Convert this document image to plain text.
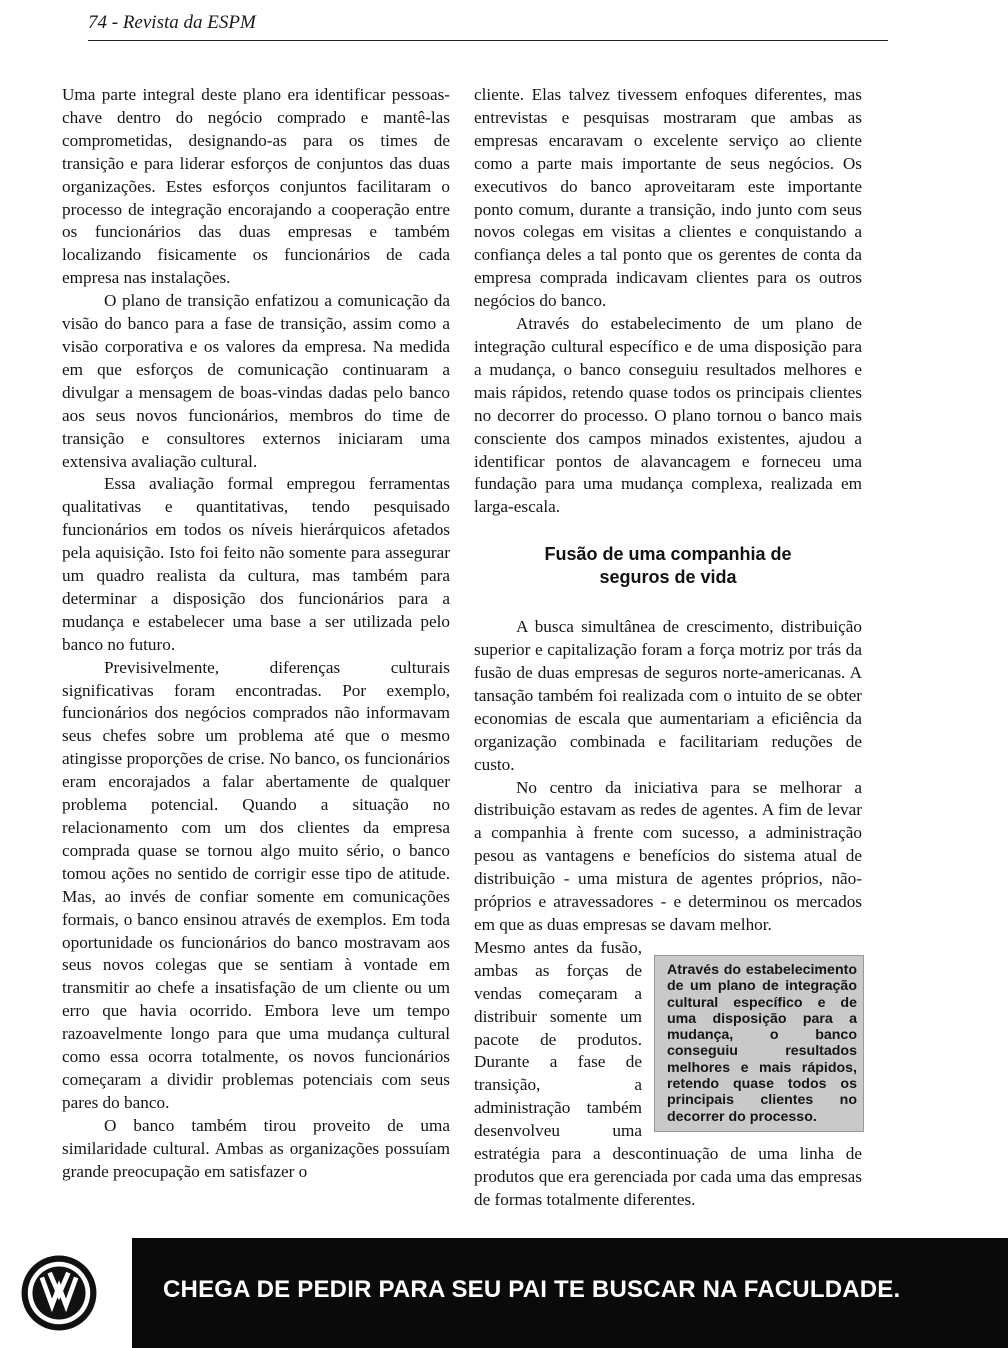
74 - Revista da ESPM

Uma parte integral deste plano era identificar pessoas-chave dentro do negócio comprado e mantê-las comprometidas, designando-as para os times de transição e para liderar esforços de conjuntos das duas organizações. Estes esforços conjuntos facilitaram o processo de integração encorajando a cooperação entre os funcionários das duas empresas e também localizando fisicamente os funcionários de cada empresa nas instalações.

O plano de transição enfatizou a comunicação da visão do banco para a fase de transição, assim como a visão corporativa e os valores da empresa. Na medida em que esforços de comunicação continuaram a divulgar a mensagem de boas-vindas dadas pelo banco aos seus novos funcionários, membros do time de transição e consultores externos iniciaram uma extensiva avaliação cultural.

Essa avaliação formal empregou ferramentas qualitativas e quantitativas, tendo pesquisado funcionários em todos os níveis hierárquicos afetados pela aquisição. Isto foi feito não somente para assegurar um quadro realista da cultura, mas também para determinar a disposição dos funcionários para a mudança e estabelecer uma base a ser utilizada pelo banco no futuro.

Previsivelmente, diferenças culturais significativas foram encontradas. Por exemplo, funcionários dos negócios comprados não informavam seus chefes sobre um problema até que o mesmo atingisse proporções de crise. No banco, os funcionários eram encorajados a falar abertamente de qualquer problema potencial. Quando a situação no relacionamento com um dos clientes da empresa comprada quase se tornou algo muito sério, o banco tomou ações no sentido de corrigir esse tipo de atitude. Mas, ao invés de confiar somente em comunicações formais, o banco ensinou através de exemplos. Em toda oportunidade os funcionários do banco mostravam aos seus novos colegas que se sentiam à vontade em transmitir ao chefe a insatisfação de um cliente ou um erro que havia ocorrido. Embora leve um tempo razoavelmente longo para que uma mudança cultural como essa ocorra totalmente, os novos funcionários começaram a dividir problemas potenciais com seus pares do banco.

O banco também tirou proveito de uma similaridade cultural. Ambas as organizações possuíam grande preocupação em satisfazer o

cliente. Elas talvez tivessem enfoques diferentes, mas entrevistas e pesquisas mostraram que ambas as empresas encaravam o excelente serviço ao cliente como a parte mais importante de seus negócios. Os executivos do banco aproveitaram este importante ponto comum, durante a transição, indo junto com seus novos colegas em visitas a clientes e conquistando a confiança deles a tal ponto que os gerentes de conta da empresa comprada indicavam clientes para os outros negócios do banco.

Através do estabelecimento de um plano de integração cultural específico e de uma disposição para a mudança, o banco conseguiu resultados melhores e mais rápidos, retendo quase todos os principais clientes no decorrer do processo. O plano tornou o banco mais consciente dos campos minados existentes, ajudou a identificar pontos de alavancagem e forneceu uma fundação para uma mudança complexa, realizada em larga-escala.

Fusão de uma companhia de
seguros de vida

A busca simultânea de crescimento, distribuição superior e capitalização foram a força motriz por trás da fusão de duas empresas de seguros norte-americanas. A tansação também foi realizada com o intuito de se obter economias de escala que aumentariam a eficiência da organização combinada e facilitariam reduções de custo.

No centro da iniciativa para se melhorar a distribuição estavam as redes de agentes. A fim de levar a companhia à frente com sucesso, a administração pesou as vantagens e benefícios do sistema atual de distribuição - uma mistura de agentes próprios, não-próprios e atravessadores - e determinou os mercados em que as duas empresas se davam melhor.

Através do estabelecimento de um plano de integração cultural específico e de uma disposição para a mudança, o banco conseguiu resultados melhores e mais rápidos, retendo quase todos os principais clientes no decorrer do processo.

Mesmo antes da fusão, ambas as forças de vendas começaram a distribuir somente um pacote de produtos. Durante a fase de transição, a administração também desenvolveu uma estratégia para a descontinuação de uma linha de produtos que era gerenciada por cada uma das empresas de formas totalmente diferentes.

CHEGA DE PEDIR PARA SEU PAI TE BUSCAR NA FACULDADE.
